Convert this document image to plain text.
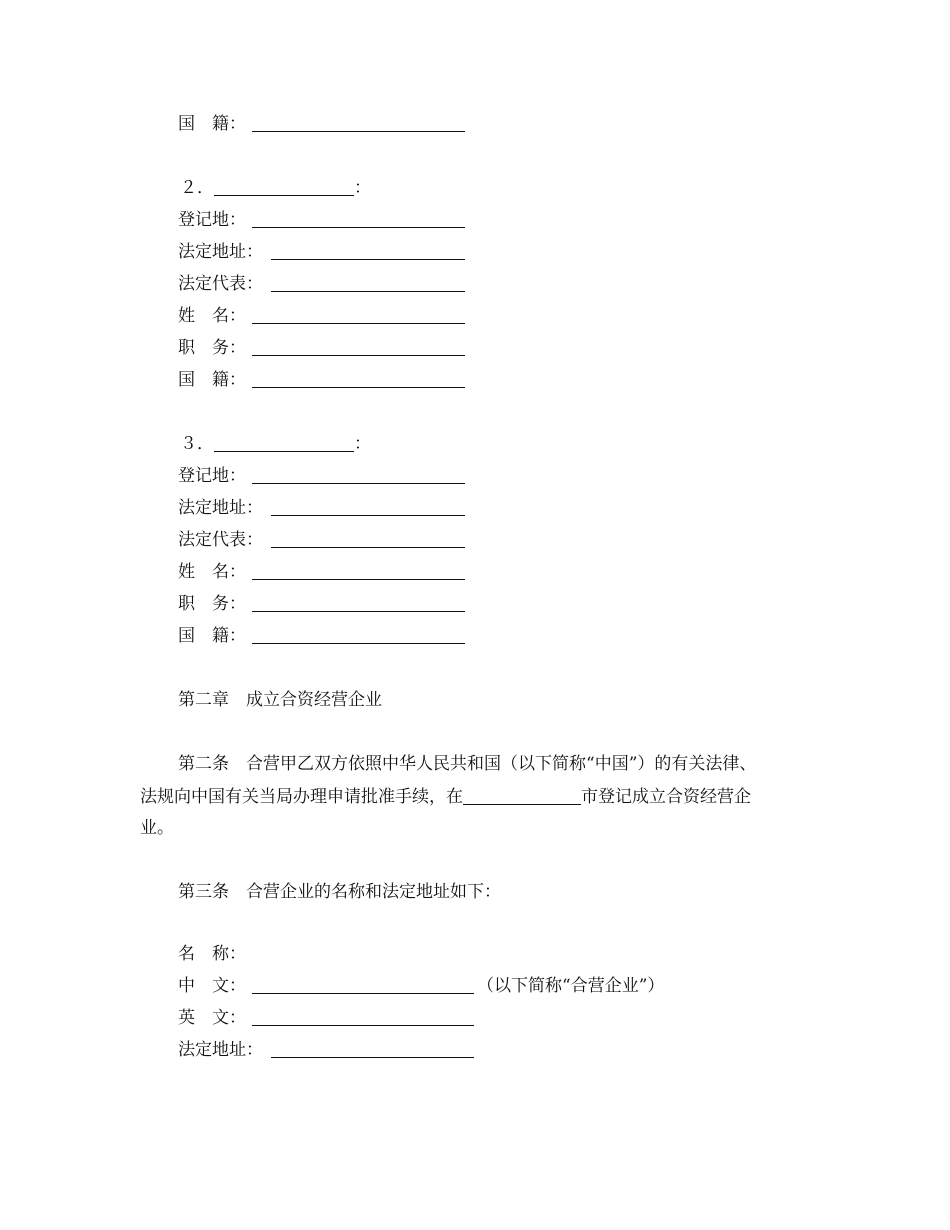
国　籍：
２．	：
登记地：
法定地址：
法定代表：
姓　名：
职　务：
国　籍：
３．	：
登记地：
法定地址：
法定代表：
姓　名：
职　务：
国　籍：
第二章　成立合资经营企业
第二条　合营甲乙双方依照中华人民共和国（以下简称“中国”）的有关法律、
法规向中国有关当局办理申请批准手续，在	市登记成立合资经营企
业。
第三条　合营企业的名称和法定地址如下：
名　称：
中　文：	（以下简称“合营企业”）
英　文：
法定地址：
